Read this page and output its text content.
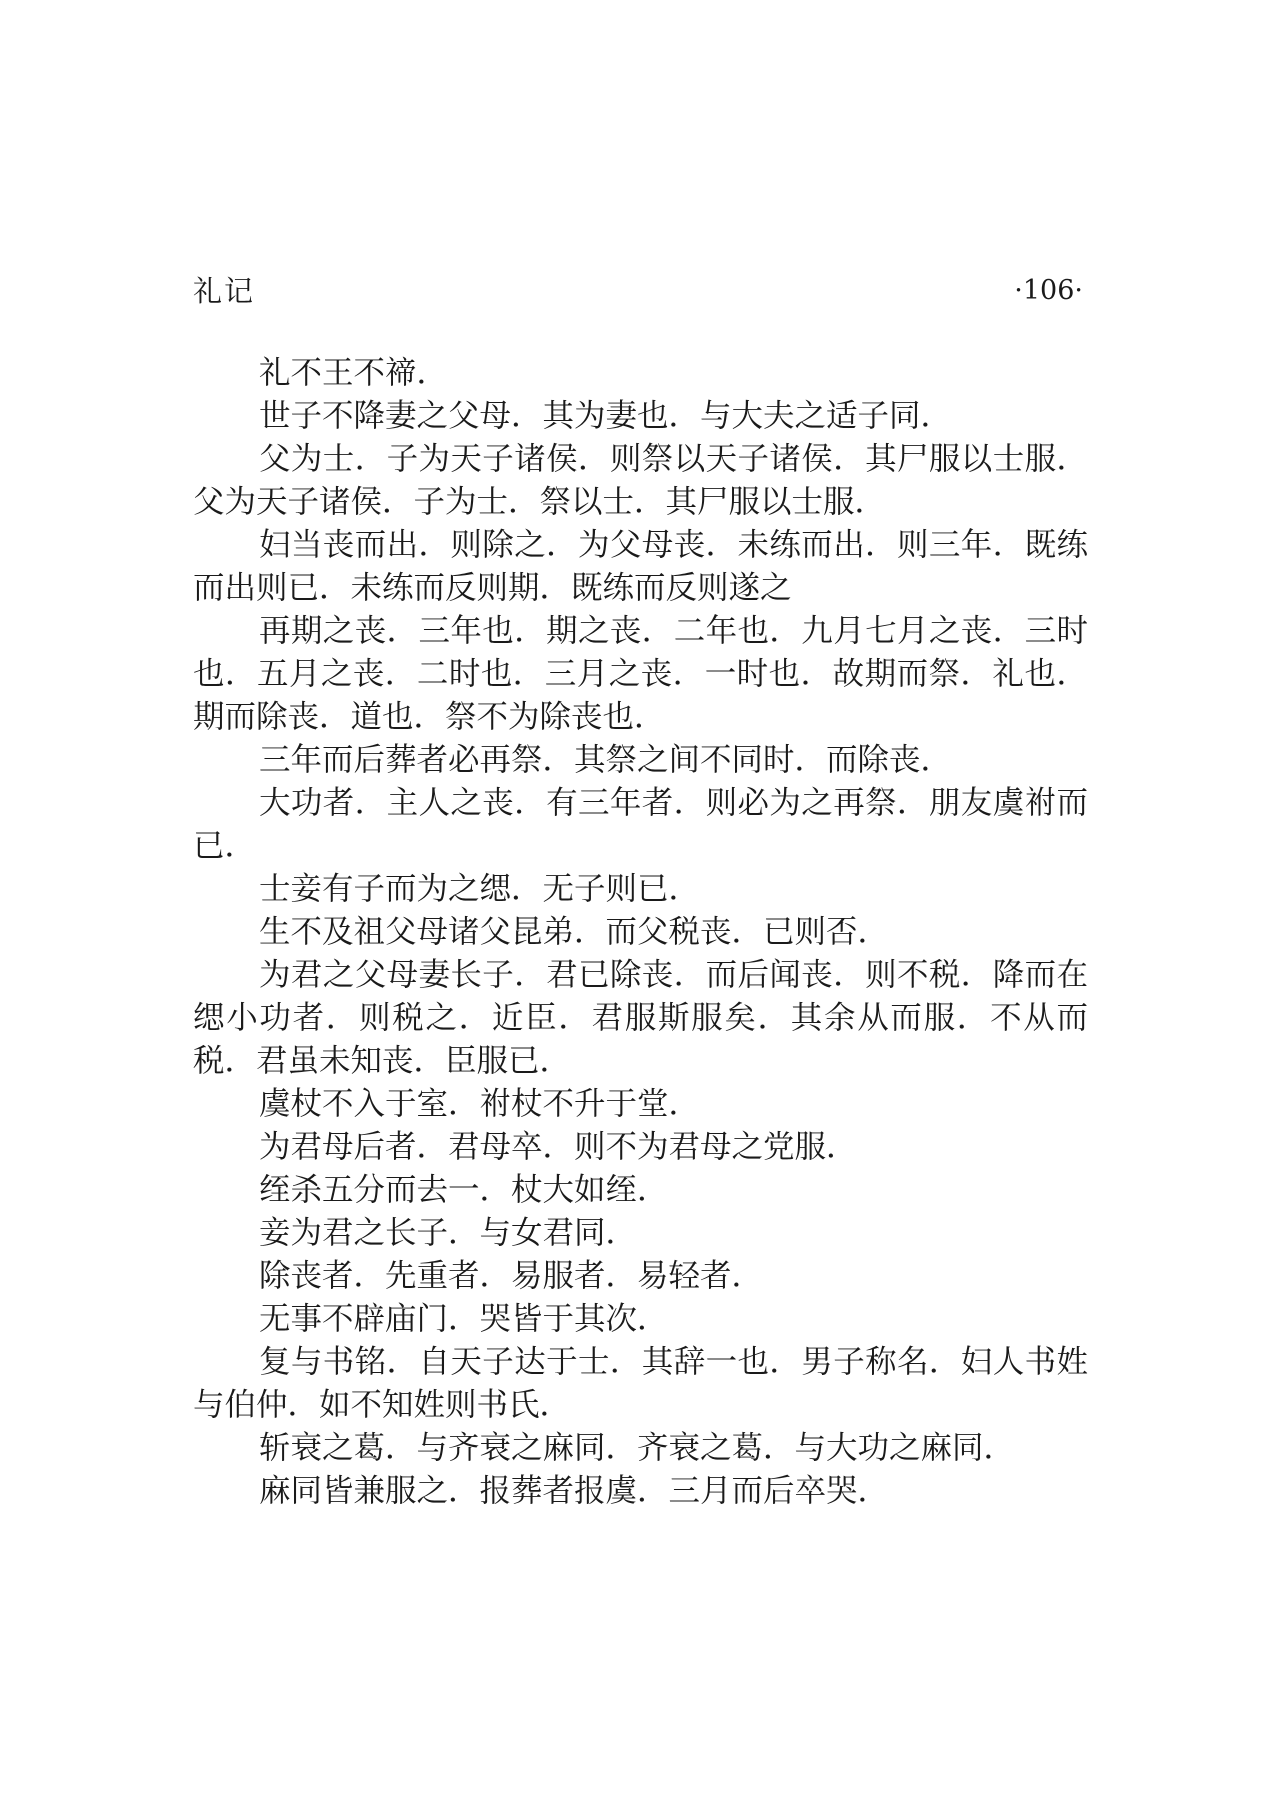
礼记	·106·

礼不王不禘．

世子不降妻之父母．其为妻也．与大夫之适子同．

父为士．子为天子诸侯．则祭以天子诸侯．其尸服以士服．父为天子诸侯．子为士．祭以士．其尸服以士服．

妇当丧而出．则除之．为父母丧．未练而出．则三年．既练而出则已．未练而反则期．既练而反则遂之

再期之丧．三年也．期之丧．二年也．九月七月之丧．三时也．五月之丧．二时也．三月之丧．一时也．故期而祭．礼也．期而除丧．道也．祭不为除丧也．

三年而后葬者必再祭．其祭之间不同时．而除丧．

大功者．主人之丧．有三年者．则必为之再祭．朋友虞祔而已．

士妾有子而为之缌．无子则已．

生不及祖父母诸父昆弟．而父税丧．已则否．

为君之父母妻长子．君已除丧．而后闻丧．则不税．降而在缌小功者．则税之．近臣．君服斯服矣．其余从而服．不从而税．君虽未知丧．臣服已．

虞杖不入于室．祔杖不升于堂．

为君母后者．君母卒．则不为君母之党服．

绖杀五分而去一．杖大如绖．

妾为君之长子．与女君同．

除丧者．先重者．易服者．易轻者．

无事不辟庙门．哭皆于其次．

复与书铭．自天子达于士．其辞一也．男子称名．妇人书姓与伯仲．如不知姓则书氏．

斩衰之葛．与齐衰之麻同．齐衰之葛．与大功之麻同．

麻同皆兼服之．报葬者报虞．三月而后卒哭．
